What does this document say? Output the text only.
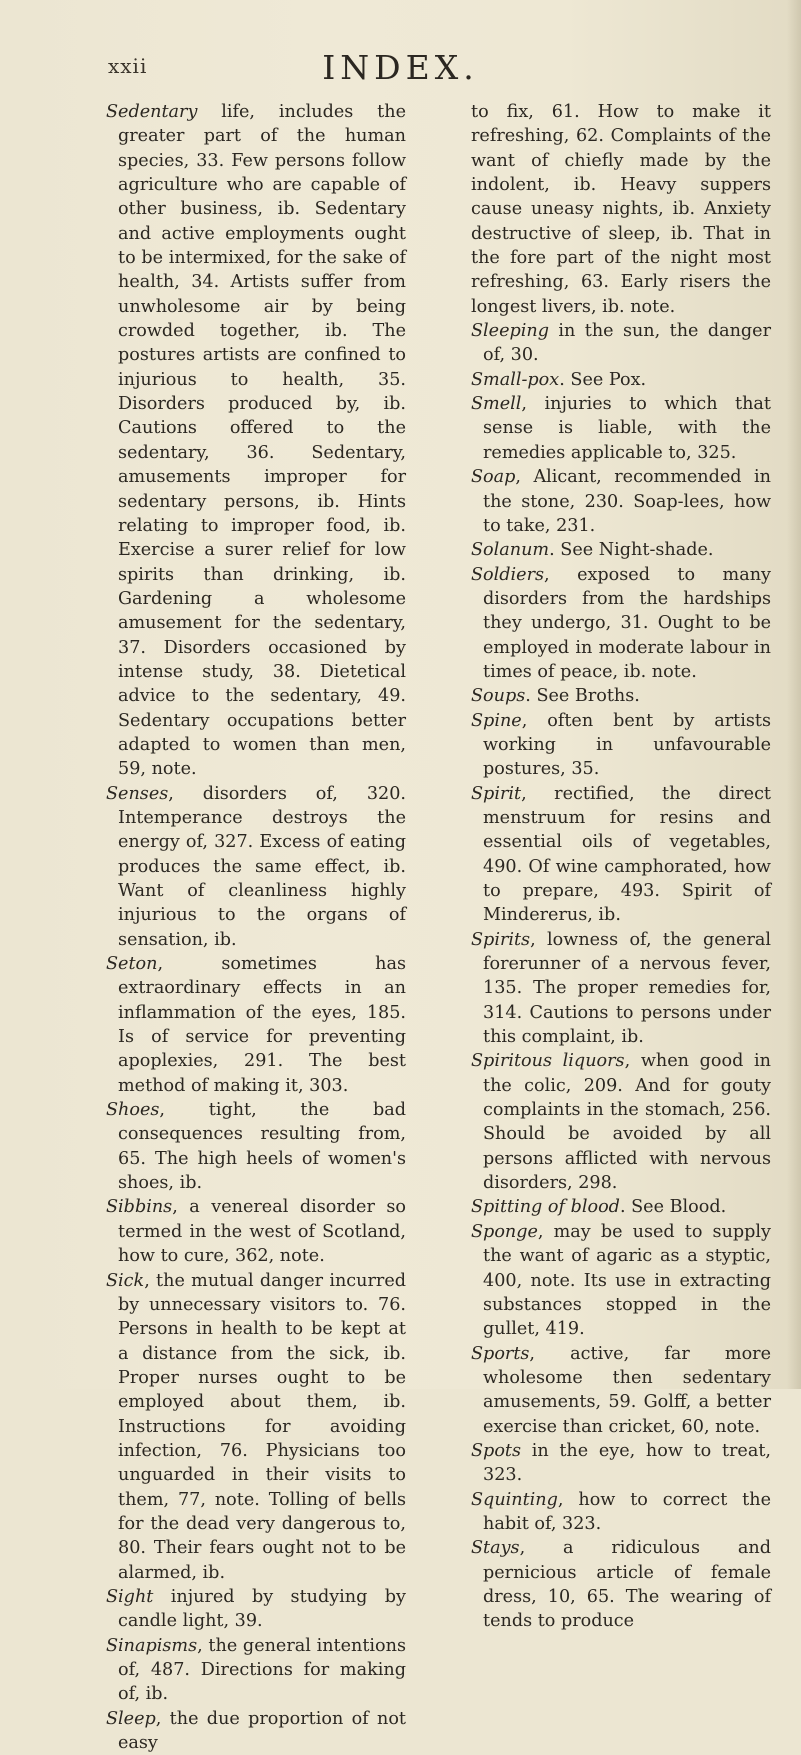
xxii	INDEX.

Sedentary life, includes the greater part of the human species, 33. Few persons follow agriculture who are capable of other business, ib. Sedentary and active employments ought to be intermixed, for the sake of health, 34. Artists suffer from unwholesome air by being crowded together, ib. The postures artists are confined to injurious to health, 35. Disorders produced by, ib. Cautions offered to the sedentary, 36. Sedentary, amusements improper for sedentary persons, ib. Hints relating to improper food, ib. Exercise a surer relief for low spirits than drinking, ib. Gardening a wholesome amusement for the sedentary, 37. Disorders occasioned by intense study, 38. Dietetical advice to the sedentary, 49. Sedentary occupations better adapted to women than men, 59, note.

Senses, disorders of, 320. Intemperance destroys the energy of, 327. Excess of eating produces the same effect, ib. Want of cleanliness highly injurious to the organs of sensation, ib.

Seton, sometimes has extraordinary effects in an inflammation of the eyes, 185. Is of service for preventing apoplexies, 291. The best method of making it, 303.

Shoes, tight, the bad consequences resulting from, 65. The high heels of women's shoes, ib.

Sibbins, a venereal disorder so termed in the west of Scotland, how to cure, 362, note.

Sick, the mutual danger incurred by unnecessary visitors to. 76. Persons in health to be kept at a distance from the sick, ib. Proper nurses ought to be employed about them, ib. Instructions for avoiding infection, 76. Physicians too unguarded in their visits to them, 77, note. Tolling of bells for the dead very dangerous to, 80. Their fears ought not to be alarmed, ib.

Sight injured by studying by candle light, 39.

Sinapisms, the general intentions of, 487. Directions for making of, ib.

Sleep, the due proportion of not easy

to fix, 61. How to make it refreshing, 62. Complaints of the want of chiefly made by the indolent, ib. Heavy suppers cause uneasy nights, ib. Anxiety destructive of sleep, ib. That in the fore part of the night most refreshing, 63. Early risers the longest livers, ib. note.

Sleeping in the sun, the danger of, 30.

Small-pox. See Pox.

Smell, injuries to which that sense is liable, with the remedies applicable to, 325.

Soap, Alicant, recommended in the stone, 230. Soap-lees, how to take, 231.

Solanum. See Night-shade.

Soldiers, exposed to many disorders from the hardships they undergo, 31. Ought to be employed in moderate labour in times of peace, ib. note.

Soups. See Broths.

Spine, often bent by artists working in unfavourable postures, 35.

Spirit, rectified, the direct menstruum for resins and essential oils of vegetables, 490. Of wine camphorated, how to prepare, 493. Spirit of Mindererus, ib.

Spirits, lowness of, the general forerunner of a nervous fever, 135. The proper remedies for, 314. Cautions to persons under this complaint, ib.

Spiritous liquors, when good in the colic, 209. And for gouty complaints in the stomach, 256. Should be avoided by all persons afflicted with nervous disorders, 298.

Spitting of blood. See Blood.

Sponge, may be used to supply the want of agaric as a styptic, 400, note. Its use in extracting substances stopped in the gullet, 419.

Sports, active, far more wholesome then sedentary amusements, 59. Golff, a better exercise than cricket, 60, note.

Spots in the eye, how to treat, 323.

Squinting, how to correct the habit of, 323.

Stays, a ridiculous and pernicious article of female dress, 10, 65. The wearing of tends to produce
